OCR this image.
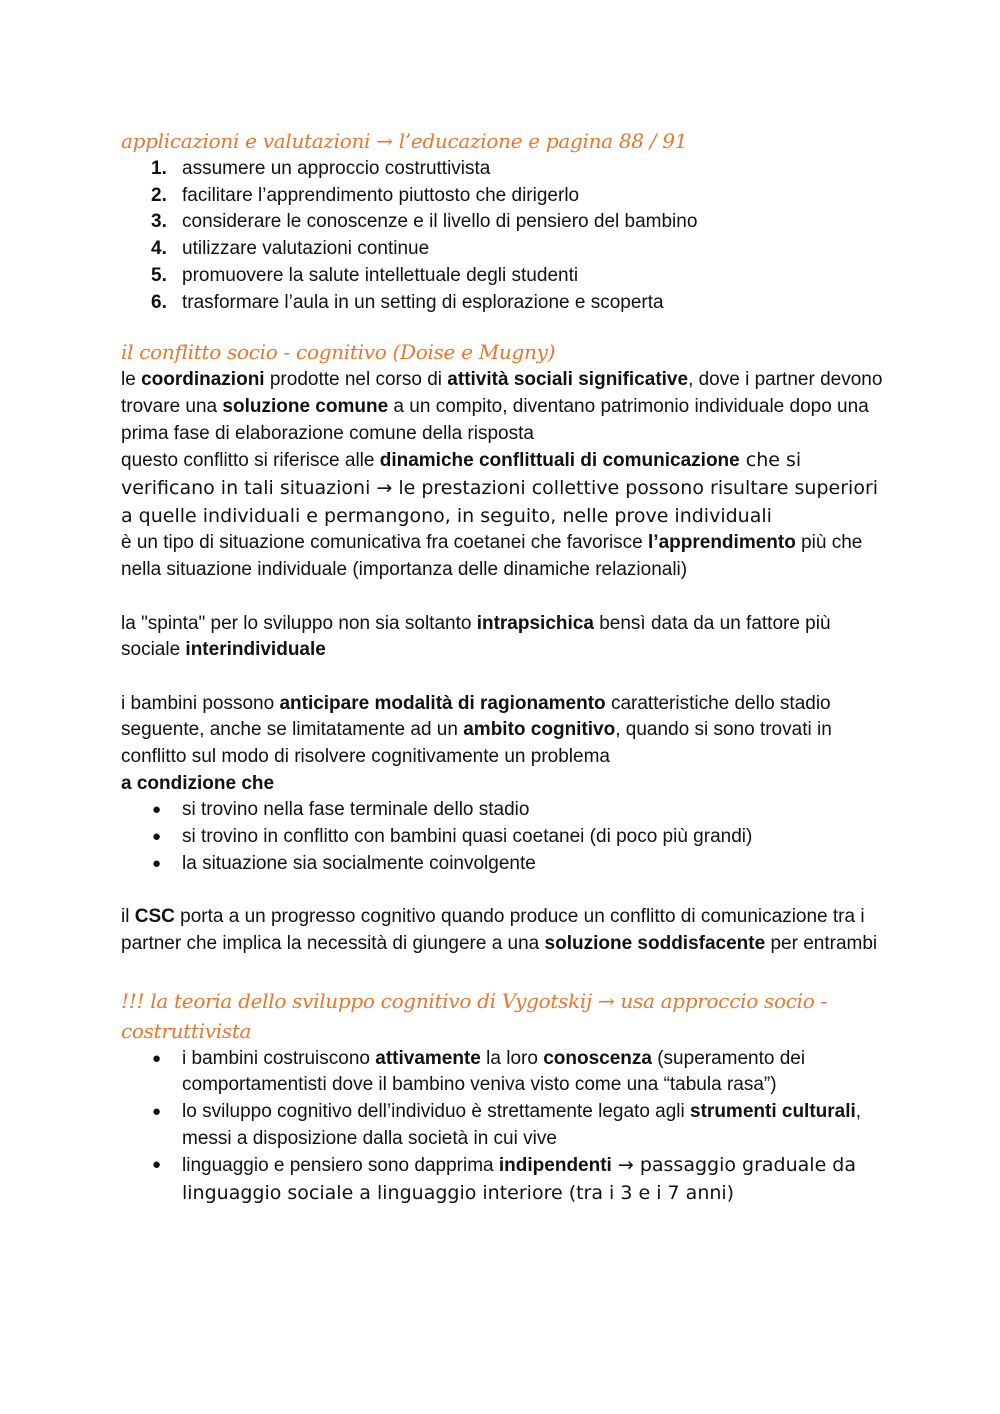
applicazioni e valutazioni → l’educazione e pagina 88 / 91
1. assumere un approccio costruttivista
2. facilitare l’apprendimento piuttosto che dirigerlo
3. considerare le conoscenze e il livello di pensiero del bambino
4. utilizzare valutazioni continue
5. promuovere la salute intellettuale degli studenti
6. trasformare l’aula in un setting di esplorazione e scoperta
il conflitto socio - cognitivo (Doise e Mugny)

le coordinazioni prodotte nel corso di attività sociali significative, dove i partner devono trovare una soluzione comune a un compito, diventano patrimonio individuale dopo una prima fase di elaborazione comune della risposta

questo conflitto si riferisce alle dinamiche conflittuali di comunicazione che si verificano in tali situazioni → le prestazioni collettive possono risultare superiori a quelle individuali e permangono, in seguito, nelle prove individuali

è un tipo di situazione comunicativa fra coetanei che favorisce l’apprendimento più che nella situazione individuale (importanza delle dinamiche relazionali)

la "spinta" per lo sviluppo non sia soltanto intrapsichica bensì data da un fattore più sociale interindividuale

i bambini possono anticipare modalità di ragionamento caratteristiche dello stadio seguente, anche se limitatamente ad un ambito cognitivo, quando si sono trovati in conflitto sul modo di risolvere cognitivamente un problema

a condizione che

● si trovino nella fase terminale dello stadio
● si trovino in conflitto con bambini quasi coetanei (di poco più grandi)
● la situazione sia socialmente coinvolgente

il CSC porta a un progresso cognitivo quando produce un conflitto di comunicazione tra i partner che implica la necessità di giungere a una soluzione soddisfacente per entrambi

!!! la teoria dello sviluppo cognitivo di Vygotskij → usa approccio socio - costruttivista
● i bambini costruiscono attivamente la loro conoscenza (superamento dei comportamentisti dove il bambino veniva visto come una “tabula rasa”)
● lo sviluppo cognitivo dell’individuo è strettamente legato agli strumenti culturali, messi a disposizione dalla società in cui vive
● linguaggio e pensiero sono dapprima indipendenti → passaggio graduale da linguaggio sociale a linguaggio interiore (tra i 3 e i 7 anni)
